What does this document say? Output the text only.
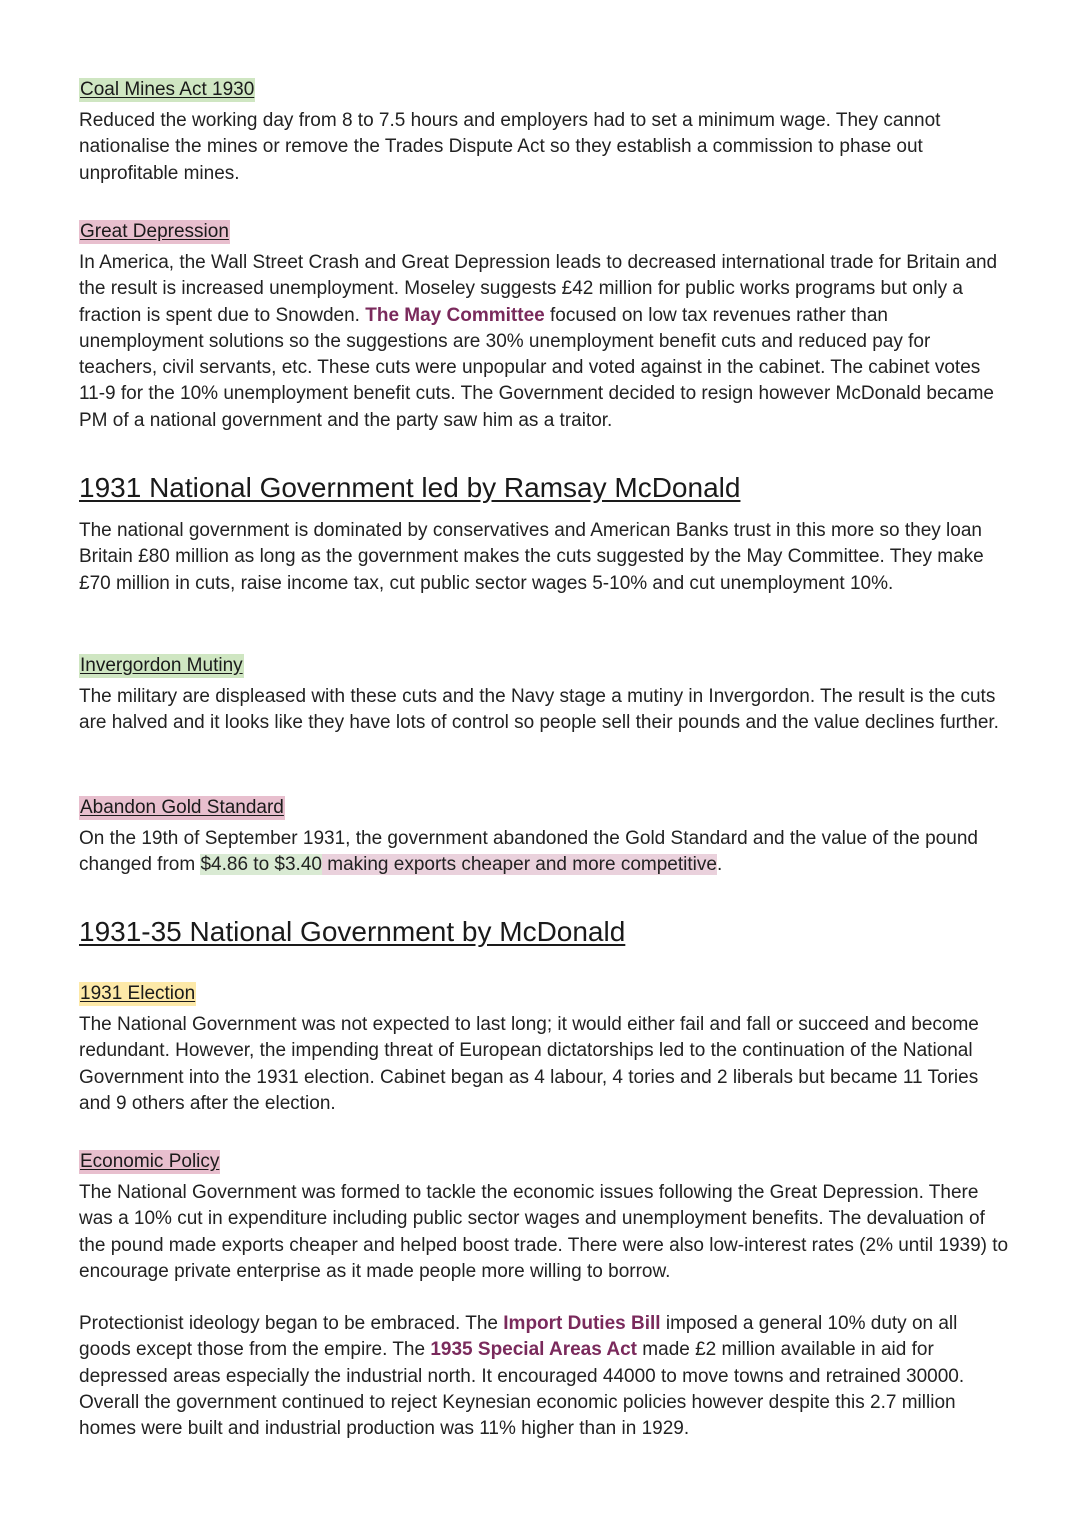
Coal Mines Act 1930

Reduced the working day from 8 to 7.5 hours and employers had to set a minimum wage. They cannot nationalise the mines or remove the Trades Dispute Act so they establish a commission to phase out unprofitable mines.

Great Depression

In America, the Wall Street Crash and Great Depression leads to decreased international trade for Britain and the result is increased unemployment. Moseley suggests £42 million for public works programs but only a fraction is spent due to Snowden. The May Committee focused on low tax revenues rather than unemployment solutions so the suggestions are 30% unemployment benefit cuts and reduced pay for teachers, civil servants, etc. These cuts were unpopular and voted against in the cabinet. The cabinet votes 11-9 for the 10% unemployment benefit cuts. The Government decided to resign however McDonald became PM of a national government and the party saw him as a traitor.

1931 National Government led by Ramsay McDonald

The national government is dominated by conservatives and American Banks trust in this more so they loan Britain £80 million as long as the government makes the cuts suggested by the May Committee. They make £70 million in cuts, raise income tax, cut public sector wages 5-10% and cut unemployment 10%.

Invergordon Mutiny

The military are displeased with these cuts and the Navy stage a mutiny in Invergordon. The result is the cuts are halved and it looks like they have lots of control so people sell their pounds and the value declines further.

Abandon Gold Standard

On the 19th of September 1931, the government abandoned the Gold Standard and the value of the pound changed from $4.86 to $3.40 making exports cheaper and more competitive.

1931-35 National Government by McDonald
1931 Election

The National Government was not expected to last long; it would either fail and fall or succeed and become redundant. However, the impending threat of European dictatorships led to the continuation of the National Government into the 1931 election. Cabinet began as 4 labour, 4 tories and 2 liberals but became 11 Tories and 9 others after the election.

Economic Policy

The National Government was formed to tackle the economic issues following the Great Depression. There was a 10% cut in expenditure including public sector wages and unemployment benefits. The devaluation of the pound made exports cheaper and helped boost trade. There were also low-interest rates (2% until 1939) to encourage private enterprise as it made people more willing to borrow.

Protectionist ideology began to be embraced. The Import Duties Bill imposed a general 10% duty on all goods except those from the empire. The 1935 Special Areas Act made £2 million available in aid for depressed areas especially the industrial north. It encouraged 44000 to move towns and retrained 30000. Overall the government continued to reject Keynesian economic policies however despite this 2.7 million homes were built and industrial production was 11% higher than in 1929.
